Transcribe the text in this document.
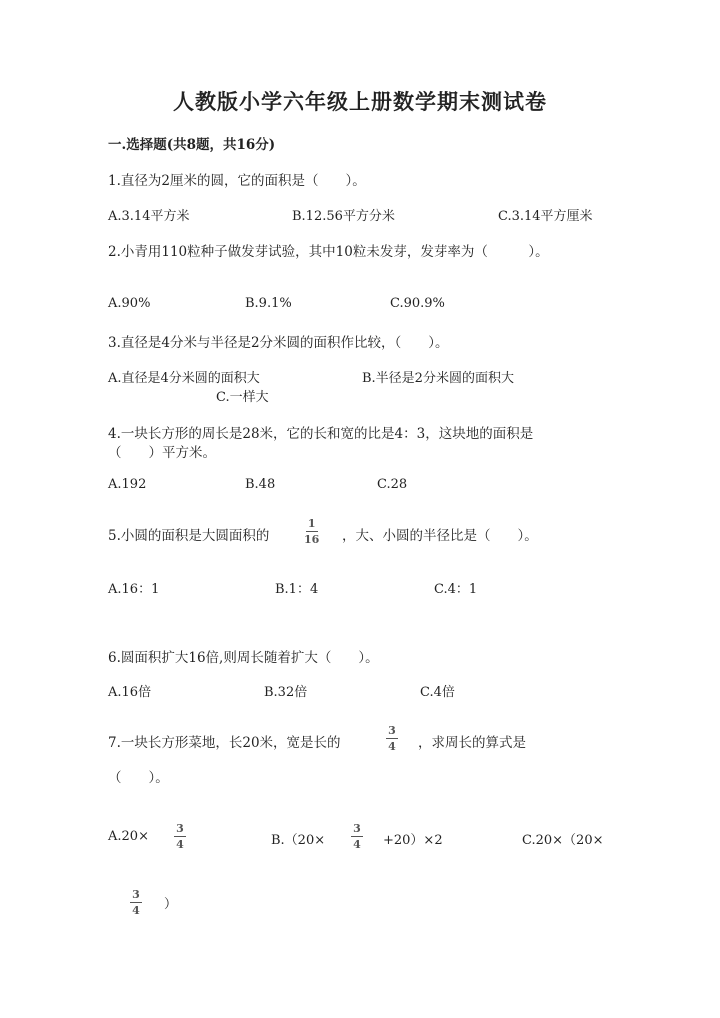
人教版小学六年级上册数学期末测试卷
一.选择题(共8题，共16分)
1.直径为2厘米的圆，它的面积是（　　）。
A.3.14平方米	B.12.56平方分米	C.3.14平方厘米
2.小青用110粒种子做发芽试验，其中10粒未发芽，发芽率为（　　　）。
A.90%	B.9.1%	C.90.9%
3.直径是4分米与半径是2分米圆的面积作比较，（　　）。
A.直径是4分米圆的面积大	B.半径是2分米圆的面积大
C.一样大
4.一块长方形的周长是28米，它的长和宽的比是4：3，这块地的面积是
（　　）平方米。
A.192	B.48	C.28
5.小圆的面积是大圆面积的
1
16 ，大、小圆的半径比是（　　）。
A.16：1	B.1：4	C.4：1
6.圆面积扩大16倍,则周长随着扩大（　　）。
A.16倍	B.32倍	C.4倍
7.一块长方形菜地，长20米，宽是长的
3
4 ，求周长的算式是
（　　）。
A.20×
3
4	B.（20×
3
4 +20）×2	C.20×（20×
3
4 ）
